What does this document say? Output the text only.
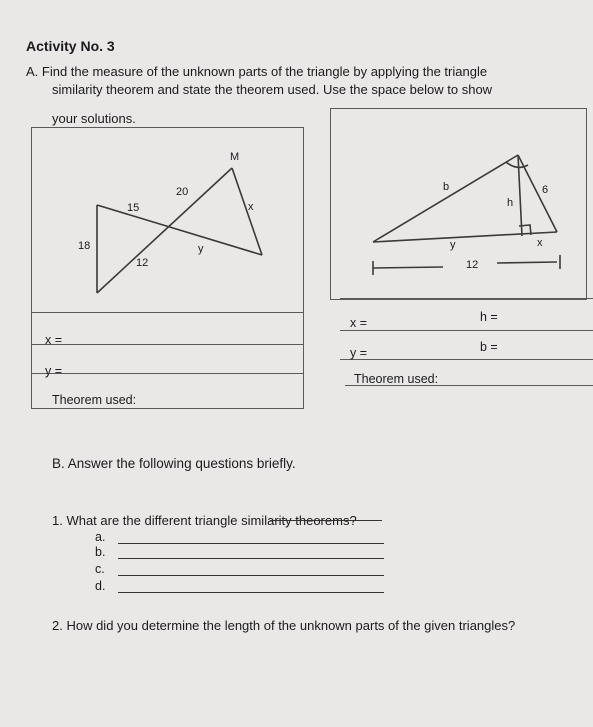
Activity No. 3
A. Find the measure of the unknown parts of the triangle by applying the triangle
similarity theorem and state the theorem used. Use the space below to show
your solutions.
x =
y =
Theorem used:
x =	h =
y =	b =
Theorem used:
M
20
15
18
12
y
x
b
h
6
y	x
12
B. Answer the following questions briefly.
1. What are the different triangle similarity theorems?
a.
b.
c.
d.
2. How did you determine the length of the unknown parts of the given triangles?
